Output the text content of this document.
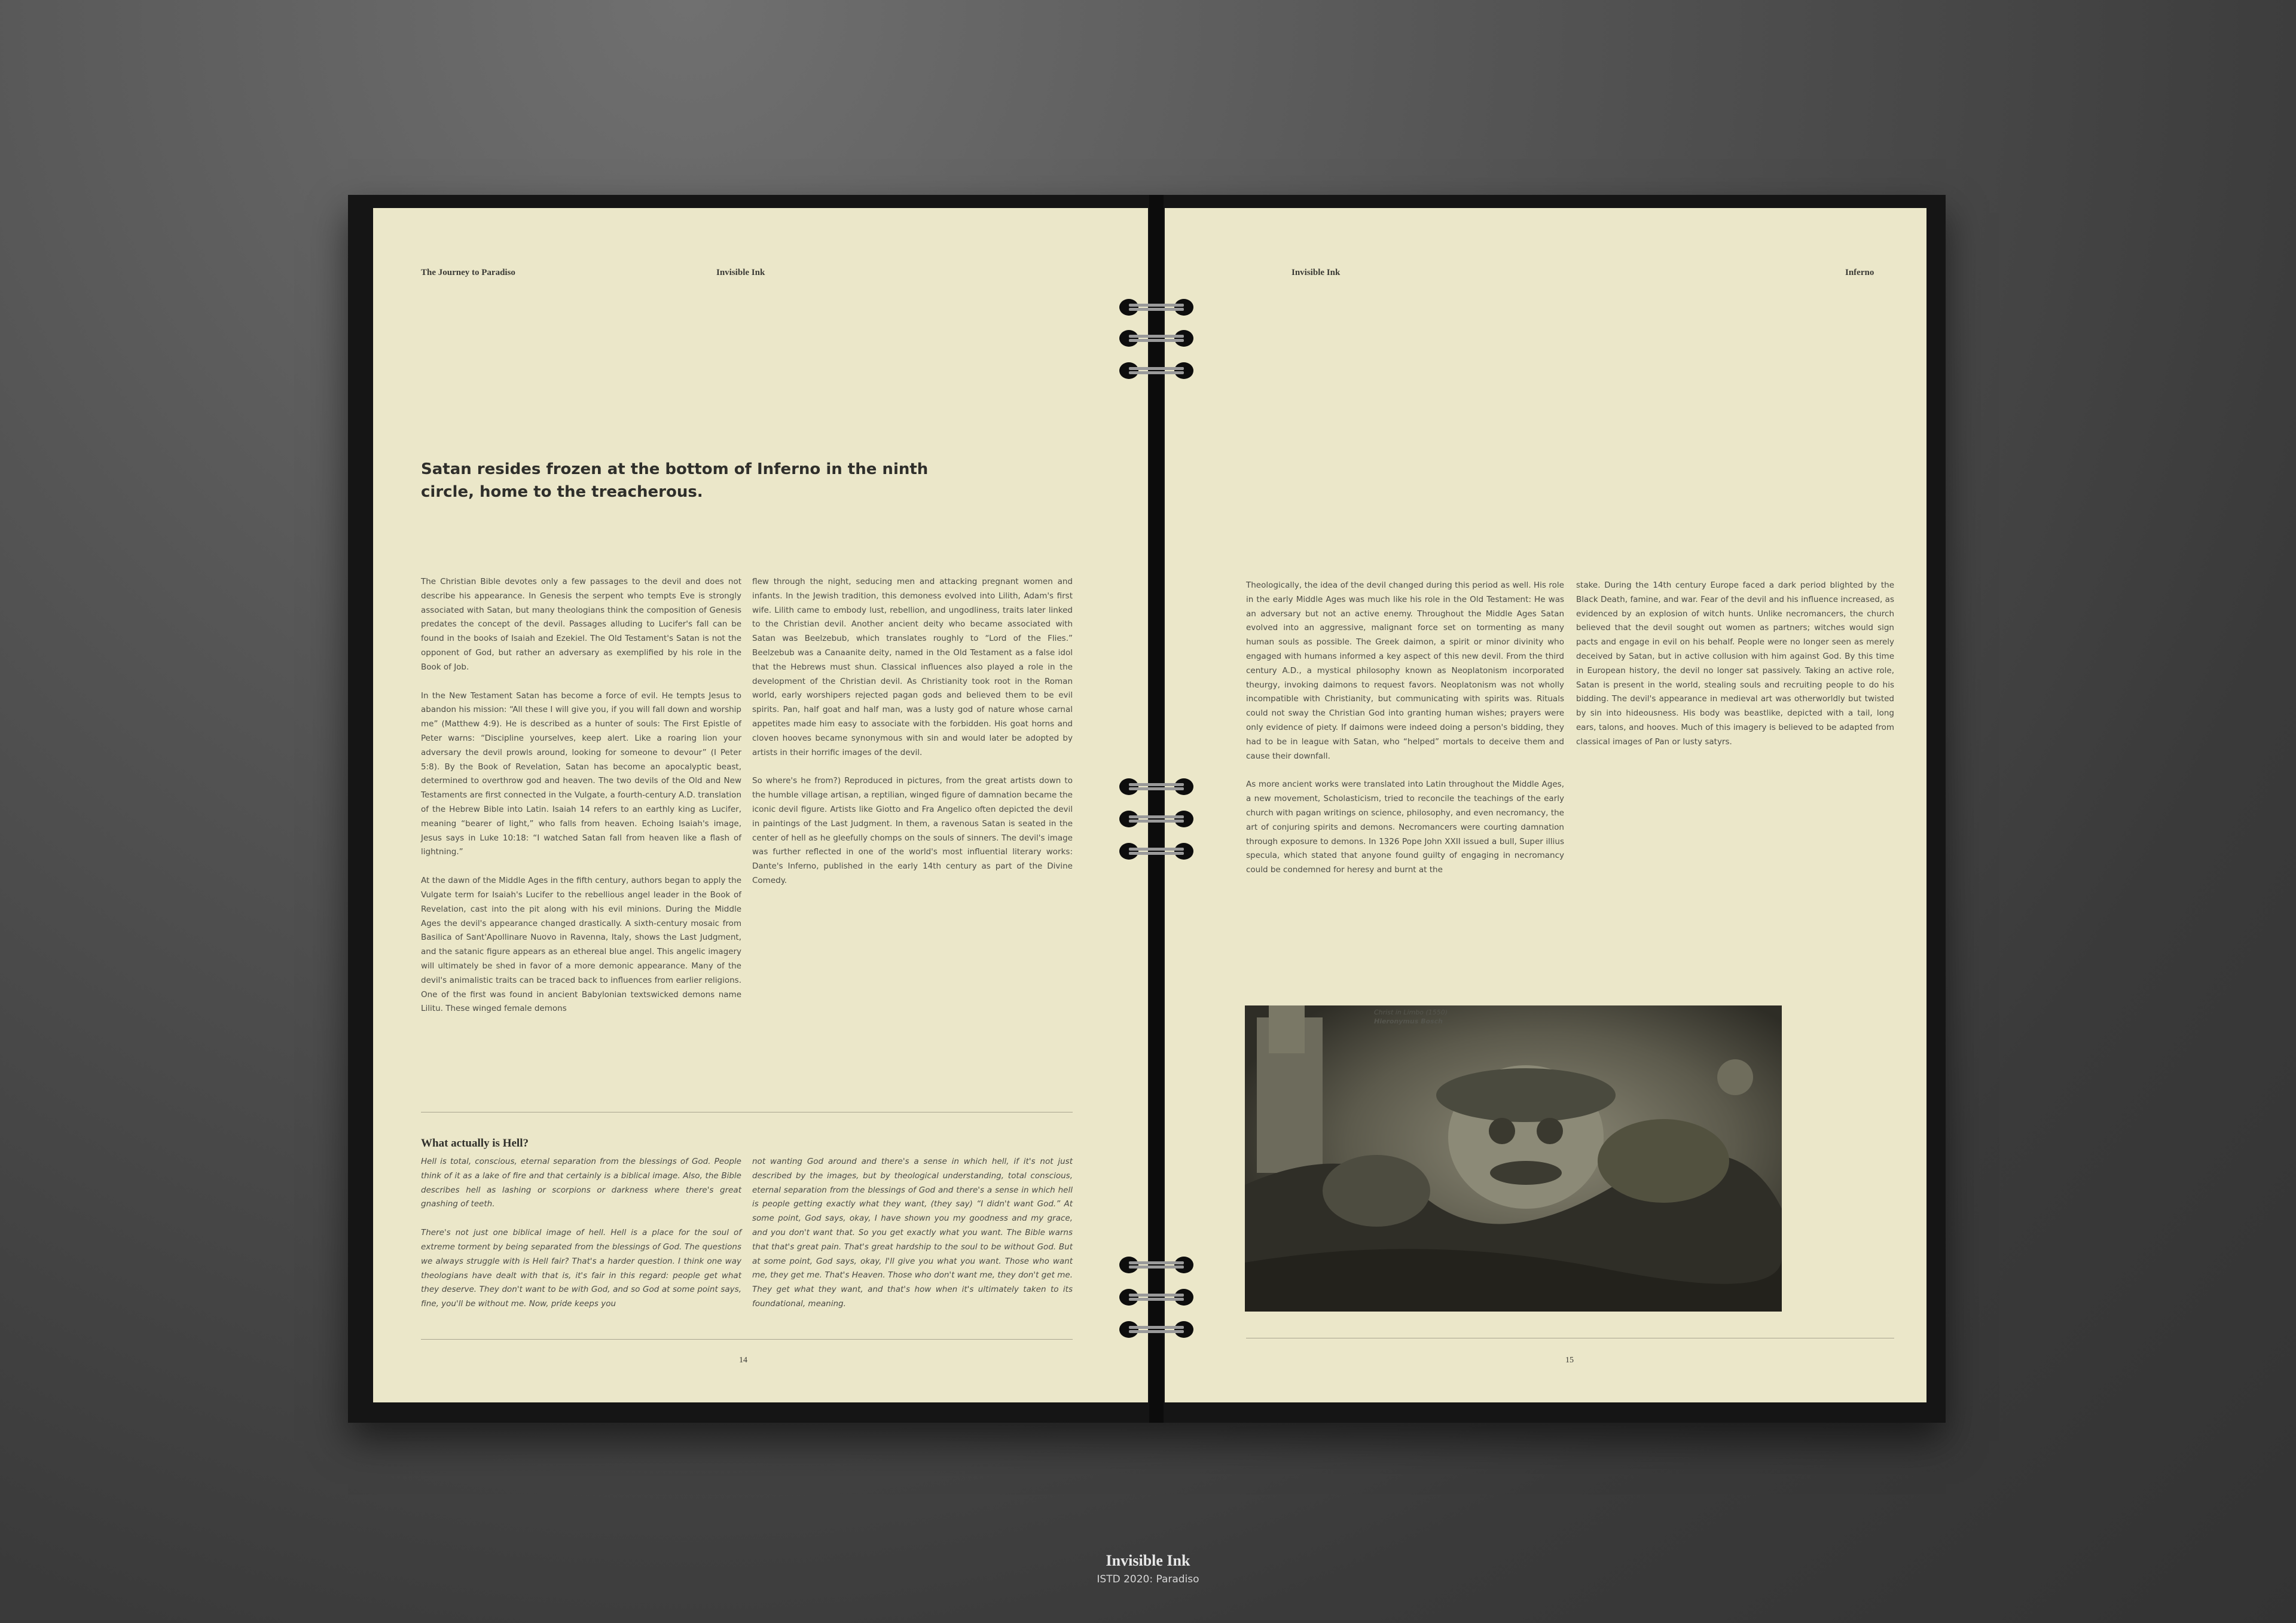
The Journey to Paradiso	Invisible Ink
Satan resides frozen at the bottom of Inferno in the ninth circle, home to the treacherous.

The Christian Bible devotes only a few passages to the devil and does not describe his appearance. In Genesis the serpent who tempts Eve is strongly associated with Satan, but many theologians think the composition of Genesis predates the concept of the devil. Passages alluding to Lucifer's fall can be found in the books of Isaiah and Ezekiel. The Old Testament's Satan is not the opponent of God, but rather an adversary as exemplified by his role in the Book of Job.

In the New Testament Satan has become a force of evil. He tempts Jesus to abandon his mission: “All these I will give you, if you will fall down and worship me” (Matthew 4:9). He is described as a hunter of souls: The First Epistle of Peter warns: “Discipline yourselves, keep alert. Like a roaring lion your adversary the devil prowls around, looking for someone to devour” (I Peter 5:8). By the Book of Revelation, Satan has become an apocalyptic beast, determined to overthrow god and heaven. The two devils of the Old and New Testaments are first connected in the Vulgate, a fourth-century A.D. translation of the Hebrew Bible into Latin. Isaiah 14 refers to an earthly king as Lucifer, meaning “bearer of light,” who falls from heaven. Echoing Isaiah's image, Jesus says in Luke 10:18: “I watched Satan fall from heaven like a flash of lightning.”

At the dawn of the Middle Ages in the fifth century, authors began to apply the Vulgate term for Isaiah's Lucifer to the rebellious angel leader in the Book of Revelation, cast into the pit along with his evil minions. During the Middle Ages the devil's appearance changed drastically. A sixth-century mosaic from Basilica of Sant'Apollinare Nuovo in Ravenna, Italy, shows the Last Judgment, and the satanic figure appears as an ethereal blue angel. This angelic imagery will ultimately be shed in favor of a more demonic appearance. Many of the devil's animalistic traits can be traced back to influences from earlier religions. One of the first was found in ancient Babylonian textswicked demons name Lilitu. These winged female demons

flew through the night, seducing men and attacking pregnant women and infants. In the Jewish tradition, this demoness evolved into Lilith, Adam's first wife. Lilith came to embody lust, rebellion, and ungodliness, traits later linked to the Christian devil. Another ancient deity who became associated with Satan was Beelzebub, which translates roughly to “Lord of the Flies.” Beelzebub was a Canaanite deity, named in the Old Testament as a false idol that the Hebrews must shun. Classical influences also played a role in the development of the Christian devil. As Christianity took root in the Roman world, early worshipers rejected pagan gods and believed them to be evil spirits. Pan, half goat and half man, was a lusty god of nature whose carnal appetites made him easy to associate with the forbidden. His goat horns and cloven hooves became synonymous with sin and would later be adopted by artists in their horrific images of the devil.

So where's he from?) Reproduced in pictures, from the great artists down to the humble village artisan, a reptilian, winged figure of damnation became the iconic devil figure. Artists like Giotto and Fra Angelico often depicted the devil in paintings of the Last Judgment. In them, a ravenous Satan is seated in the center of hell as he gleefully chomps on the souls of sinners. The devil's image was further reflected in one of the world's most influential literary works: Dante's Inferno, published in the early 14th century as part of the Divine Comedy.

What actually is Hell?

Hell is total, conscious, eternal separation from the blessings of God. People think of it as a lake of fire and that certainly is a biblical image. Also, the Bible describes hell as lashing or scorpions or darkness where there's great gnashing of teeth.

There's not just one biblical image of hell. Hell is a place for the soul of extreme torment by being separated from the blessings of God. The questions we always struggle with is Hell fair? That's a harder question. I think one way theologians have dealt with that is, it's fair in this regard: people get what they deserve. They don't want to be with God, and so God at some point says, fine, you'll be without me. Now, pride keeps you

not wanting God around and there's a sense in which hell, if it's not just described by the images, but by theological understanding, total conscious, eternal separation from the blessings of God and there's a sense in which hell is people getting exactly what they want, (they say) “I didn't want God.” At some point, God says, okay, I have shown you my goodness and my grace, and you don't want that. So you get exactly what you want. The Bible warns that that's great pain. That's great hardship to the soul to be without God. But at some point, God says, okay, I'll give you what you want. Those who want me, they get me. That's Heaven. Those who don't want me, they don't get me. They get what they want, and that's how when it's ultimately taken to its foundational, meaning.

14
Invisible Ink	Inferno

Theologically, the idea of the devil changed during this period as well. His role in the early Middle Ages was much like his role in the Old Testament: He was an adversary but not an active enemy. Throughout the Middle Ages Satan evolved into an aggressive, malignant force set on tormenting as many human souls as possible. The Greek daimon, a spirit or minor divinity who engaged with humans informed a key aspect of this new devil. From the third century A.D., a mystical philosophy known as Neoplatonism incorporated theurgy, invoking daimons to request favors. Neoplatonism was not wholly incompatible with Christianity, but communicating with spirits was. Rituals could not sway the Christian God into granting human wishes; prayers were only evidence of piety. If daimons were indeed doing a person's bidding, they had to be in league with Satan, who “helped” mortals to deceive them and cause their downfall.

As more ancient works were translated into Latin throughout the Middle Ages, a new movement, Scholasticism, tried to reconcile the teachings of the early church with pagan writings on science, philosophy, and even necromancy, the art of conjuring spirits and demons. Necromancers were courting damnation through exposure to demons. In 1326 Pope John XXII issued a bull, Super illius specula, which stated that anyone found guilty of engaging in necromancy could be condemned for heresy and burnt at the

stake. During the 14th century Europe faced a dark period blighted by the Black Death, famine, and war. Fear of the devil and his influence increased, as evidenced by an explosion of witch hunts. Unlike necromancers, the church believed that the devil sought out women as partners; witches would sign pacts and engage in evil on his behalf. People were no longer seen as merely deceived by Satan, but in active collusion with him against God. By this time in European history, the devil no longer sat passively. Taking an active role, Satan is present in the world, stealing souls and recruiting people to do his bidding. The devil's appearance in medieval art was otherworldly but twisted by sin into hideousness. His body was beastlike, depicted with a tail, long ears, talons, and hooves. Much of this imagery is believed to be adapted from classical images of Pan or lusty satyrs.

15
Christ in Limbo (1550)
Hieronymus Bosch
Invisible Ink
ISTD 2020: Paradiso
